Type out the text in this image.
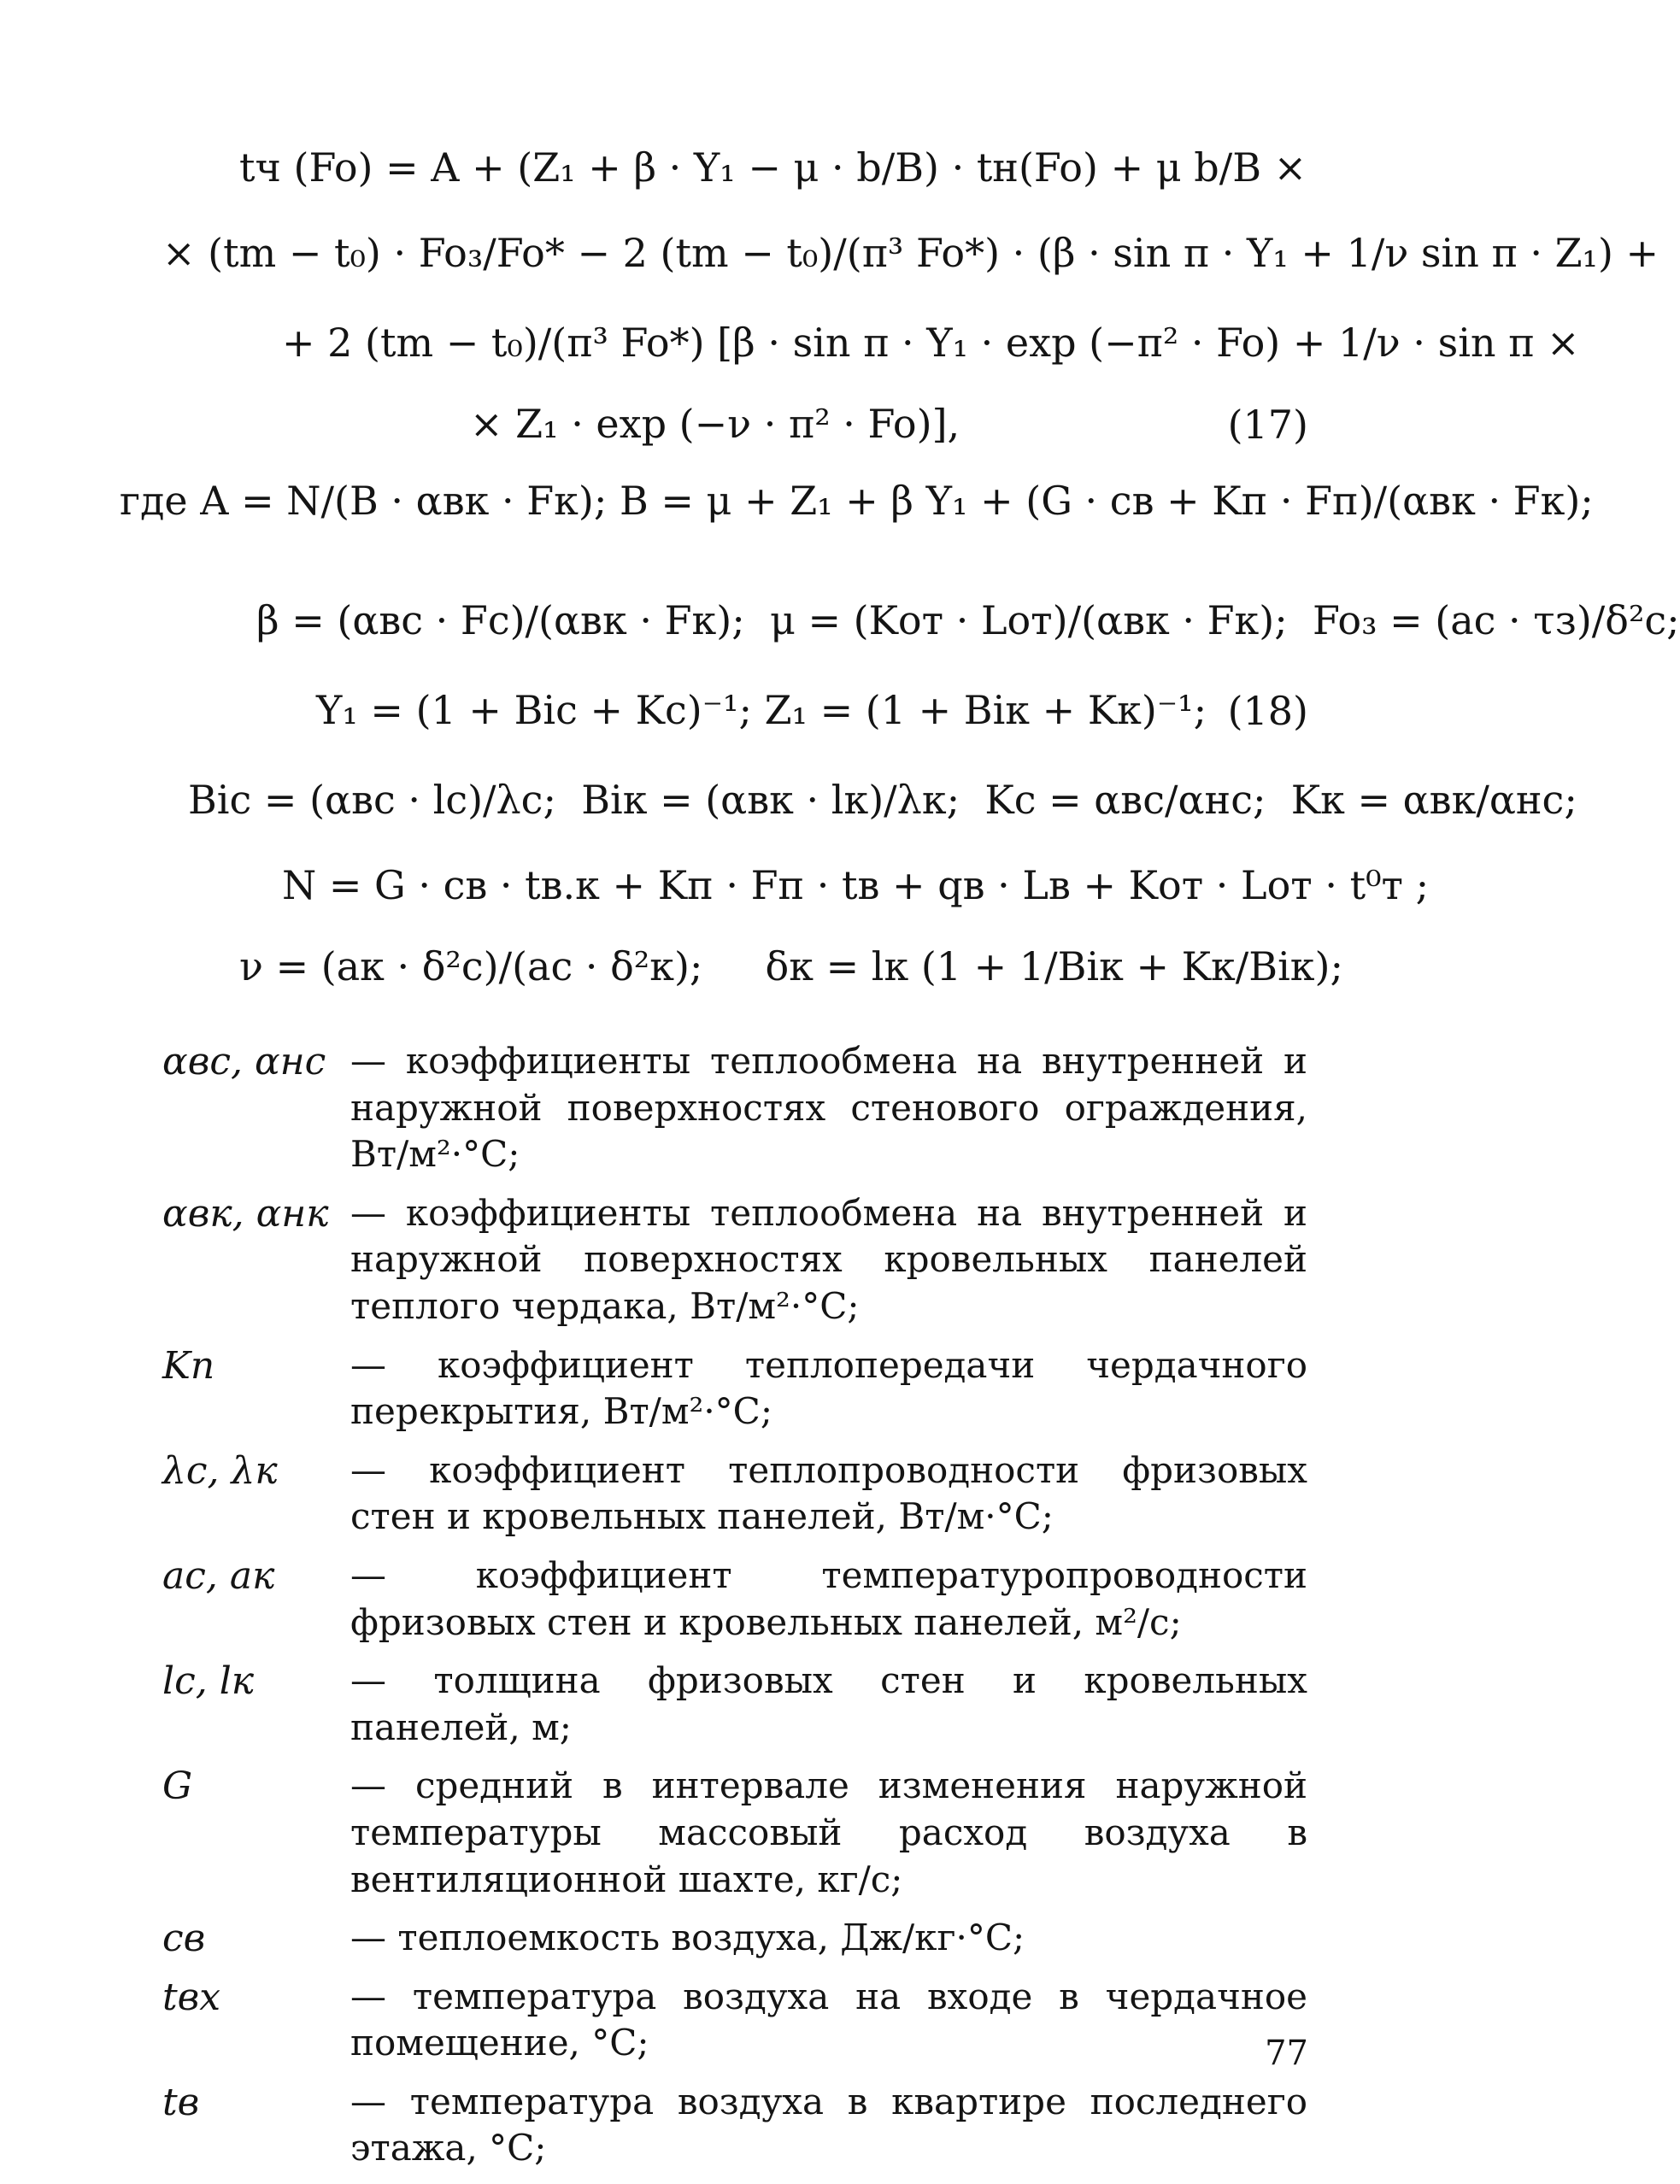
tч (Fo) = A + (Z₁ + β · Y₁ − μ · b/B) · tн(Fo) + μ b/B ×
× (tm − t₀) · Fo₃/Fo* − 2 (tm − t₀)/(π³ Fo*) · (β · sin π · Y₁ + 1/ν sin π · Z₁) +
+ 2 (tm − t₀)/(π³ Fo*) [β · sin π · Y₁ · exp (−π² · Fo) + 1/ν · sin π ×
× Z₁ · exp (−ν · π² · Fo)],	(17)
где A = N/(B · αвк · Fк); B = μ + Z₁ + β Y₁ + (G · cв + Kп · Fп)/(αвк · Fк);
β = (αвс · Fс)/(αвк · Fк);  μ = (Kот · Lот)/(αвк · Fк);  Fo₃ = (ac · τз)/δ²c;
Y₁ = (1 + Bic + Kc)⁻¹; Z₁ = (1 + Biк + Kк)⁻¹; (18)
Bic = (αвс · lс)/λс;  Biк = (αвк · lк)/λк;  Kс = αвс/αнс;  Kк = αвк/αнс;
N = G · cв · tв.к + Kп · Fп · tв + qв · Lв + Kот · Lот · t⁰т ;
ν = (aк · δ²c)/(ac · δ²к);     δк = lк (1 + 1/Biк + Kк/Biк);
αвс, αнс — коэффициенты теплообмена на внутренней и наружной поверхностях стенового ограждения, Вт/м²·°С;
αвк, αнк — коэффициенты теплообмена на внутренней и наружной поверхностях кровельных панелей теплого чердака, Вт/м²·°С;
Kп	— коэффициент теплопередачи чердачного перекрытия, Вт/м²·°С;
λс, λк	— коэффициент теплопроводности фризовых стен и кровельных панелей, Вт/м·°С;
ac, aк	— коэффициент температуропроводности фризовых стен и кровельных панелей, м²/с;
lс, lк	— толщина фризовых стен и кровельных панелей, м;
G	— средний в интервале изменения наружной температуры массовый расход воздуха в вентиляционной шахте, кг/с;
cв	— теплоемкость воздуха, Дж/кг·°С;
tвх	— температура воздуха на входе в чердачное помещение, °С;
tв	— температура воздуха в квартире последнего этажа, °С;
77
